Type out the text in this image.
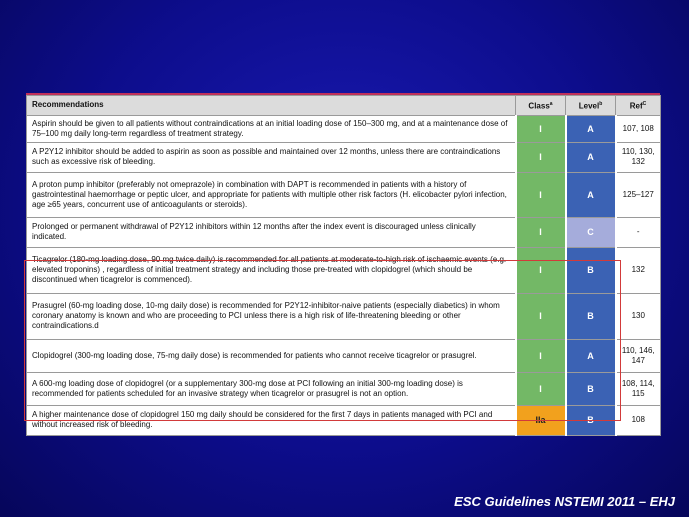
Recommendations	Class$^a$	Level$^b$	Ref$^C$
Aspirin should be given to all patients without contraindications at an initial loading dose of 150–300 mg, and at a maintenance dose of 75–100 mg daily long-term regardless of treatment strategy.	I	A	107, 108
A P2Y12 inhibitor should be added to aspirin as soon as possible and maintained over 12 months, unless there are contraindications such as excessive risk of bleeding.	I	A	110, 130, 132
A proton pump inhibitor (preferably not omeprazole) in combination with DAPT is recommended in patients with a history of gastrointestinal haemorrhage or peptic ulcer, and appropriate for patients with multiple other risk factors (H. elicobacter pylori infection, age ≥65 years, concurrent use of anticoagulants or steroids).	I	A	125–127
Prolonged or permanent withdrawal of P2Y12 inhibitors within 12 months after the index event is discouraged unless clinically indicated.	I	C	-
Ticagrelor (180-mg loading dose, 90 mg twice daily) is recommended for all patients at moderate-to-high risk of ischaemic events (e.g. elevated troponins) , regardless of initial treatment strategy and including those pre-treated with clopidogrel (which should be discontinued when ticagrelor is commenced).	I	B	132
Prasugrel (60-mg loading dose, 10-mg daily dose) is recommended for P2Y12-inhibitor-naive patients (especially diabetics) in whom coronary anatomy is known and who are proceeding to PCI unless there is a high risk of life-threatening bleeding or other contraindications.d	I	B	130
Clopidogrel (300-mg loading dose, 75-mg daily dose) is recommended for patients who cannot receive ticagrelor or prasugrel.	I	A	110, 146, 147
A 600-mg loading dose of clopidogrel (or a supplementary 300-mg dose at PCI following an initial 300-mg loading dose) is recommended for patients scheduled for an invasive strategy when ticagrelor or prasugrel is not an option.	I	B	108, 114, 115
A higher maintenance dose of clopidogrel 150 mg daily should be considered for the first 7 days in patients managed with PCI and without increased risk of bleeding.	IIa	B	108
ESC Guidelines NSTEMI 2011 – EHJ
